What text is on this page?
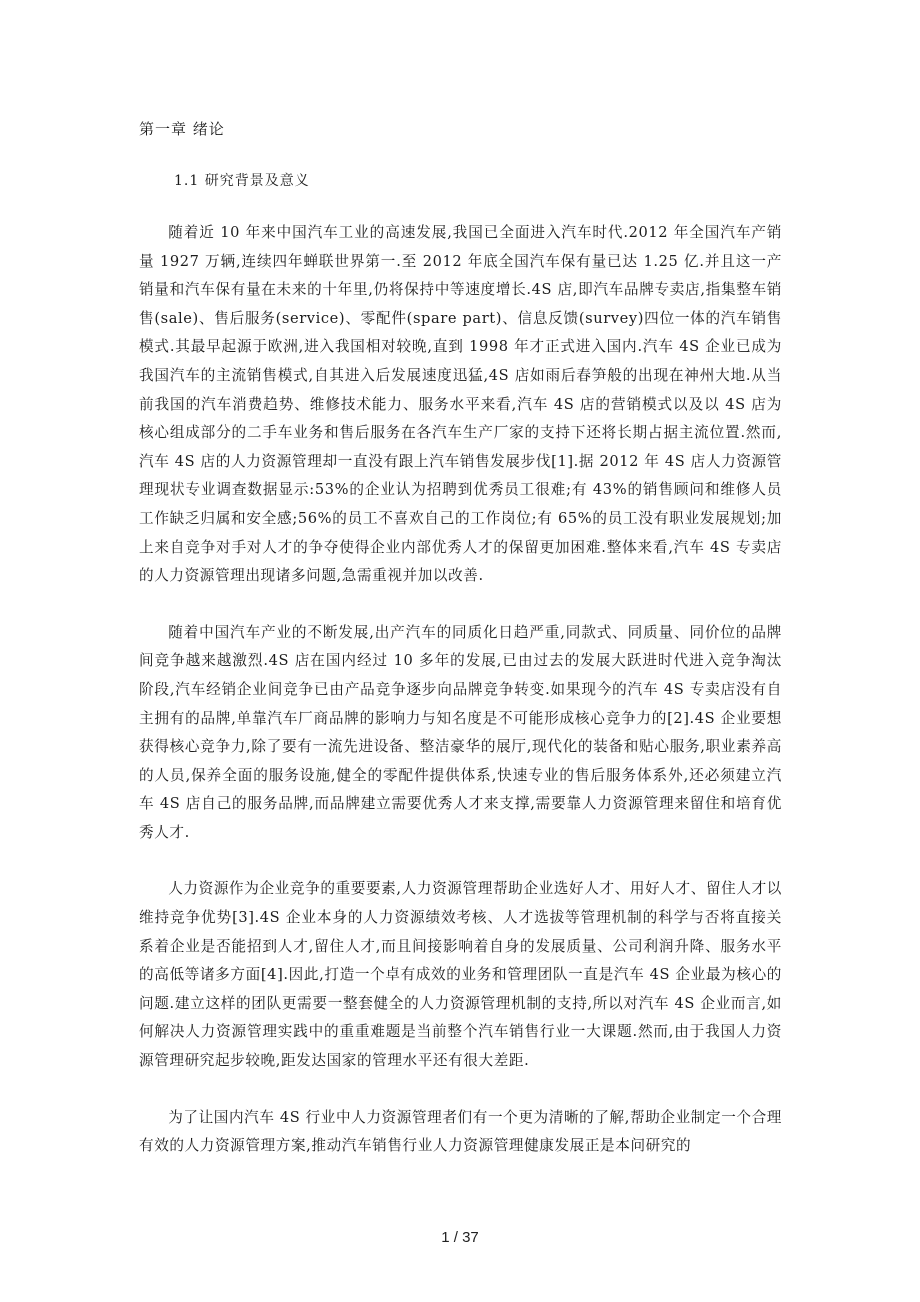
第一章 绪论
1.1 研究背景及意义

随着近 10 年来中国汽车工业的高速发展,我国已全面进入汽车时代.2012 年全国汽车产销量 1927 万辆,连续四年蝉联世界第一.至 2012 年底全国汽车保有量已达 1.25 亿.并且这一产销量和汽车保有量在未来的十年里,仍将保持中等速度增长.4S 店,即汽车品牌专卖店,指集整车销售(sale)、售后服务(service)、零配件(spare part)、信息反馈(survey)四位一体的汽车销售模式.其最早起源于欧洲,进入我国相对较晚,直到 1998 年才正式进入国内.汽车 4S 企业已成为我国汽车的主流销售模式,自其进入后发展速度迅猛,4S 店如雨后春笋般的出现在神州大地.从当前我国的汽车消费趋势、维修技术能力、服务水平来看,汽车 4S 店的营销模式以及以 4S 店为核心组成部分的二手车业务和售后服务在各汽车生产厂家的支持下还将长期占据主流位置.然而,汽车 4S 店的人力资源管理却一直没有跟上汽车销售发展步伐[1].据 2012 年 4S 店人力资源管理现状专业调查数据显示:53%的企业认为招聘到优秀员工很难;有 43%的销售顾问和维修人员工作缺乏归属和安全感;56%的员工不喜欢自己的工作岗位;有 65%的员工没有职业发展规划;加上来自竞争对手对人才的争夺使得企业内部优秀人才的保留更加困难.整体来看,汽车 4S 专卖店的人力资源管理出现诸多问题,急需重视并加以改善.

随着中国汽车产业的不断发展,出产汽车的同质化日趋严重,同款式、同质量、同价位的品牌间竞争越来越激烈.4S 店在国内经过 10 多年的发展,已由过去的发展大跃进时代进入竞争淘汰阶段,汽车经销企业间竞争已由产品竞争逐步向品牌竞争转变.如果现今的汽车 4S 专卖店没有自主拥有的品牌,单靠汽车厂商品牌的影响力与知名度是不可能形成核心竞争力的[2].4S 企业要想获得核心竞争力,除了要有一流先进设备、整洁豪华的展厅,现代化的装备和贴心服务,职业素养高的人员,保养全面的服务设施,健全的零配件提供体系,快速专业的售后服务体系外,还必须建立汽车 4S 店自己的服务品牌,而品牌建立需要优秀人才来支撑,需要靠人力资源管理来留住和培育优秀人才.

人力资源作为企业竞争的重要要素,人力资源管理帮助企业选好人才、用好人才、留住人才以维持竞争优势[3].4S 企业本身的人力资源绩效考核、人才选拔等管理机制的科学与否将直接关系着企业是否能招到人才,留住人才,而且间接影响着自身的发展质量、公司利润升降、服务水平的高低等诸多方面[4].因此,打造一个卓有成效的业务和管理团队一直是汽车 4S 企业最为核心的问题.建立这样的团队更需要一整套健全的人力资源管理机制的支持,所以对汽车 4S 企业而言,如何解决人力资源管理实践中的重重难题是当前整个汽车销售行业一大课题.然而,由于我国人力资源管理研究起步较晚,距发达国家的管理水平还有很大差距.

为了让国内汽车 4S 行业中人力资源管理者们有一个更为清晰的了解,帮助企业制定一个合理有效的人力资源管理方案,推动汽车销售行业人力资源管理健康发展正是本问研究的

1 / 37
